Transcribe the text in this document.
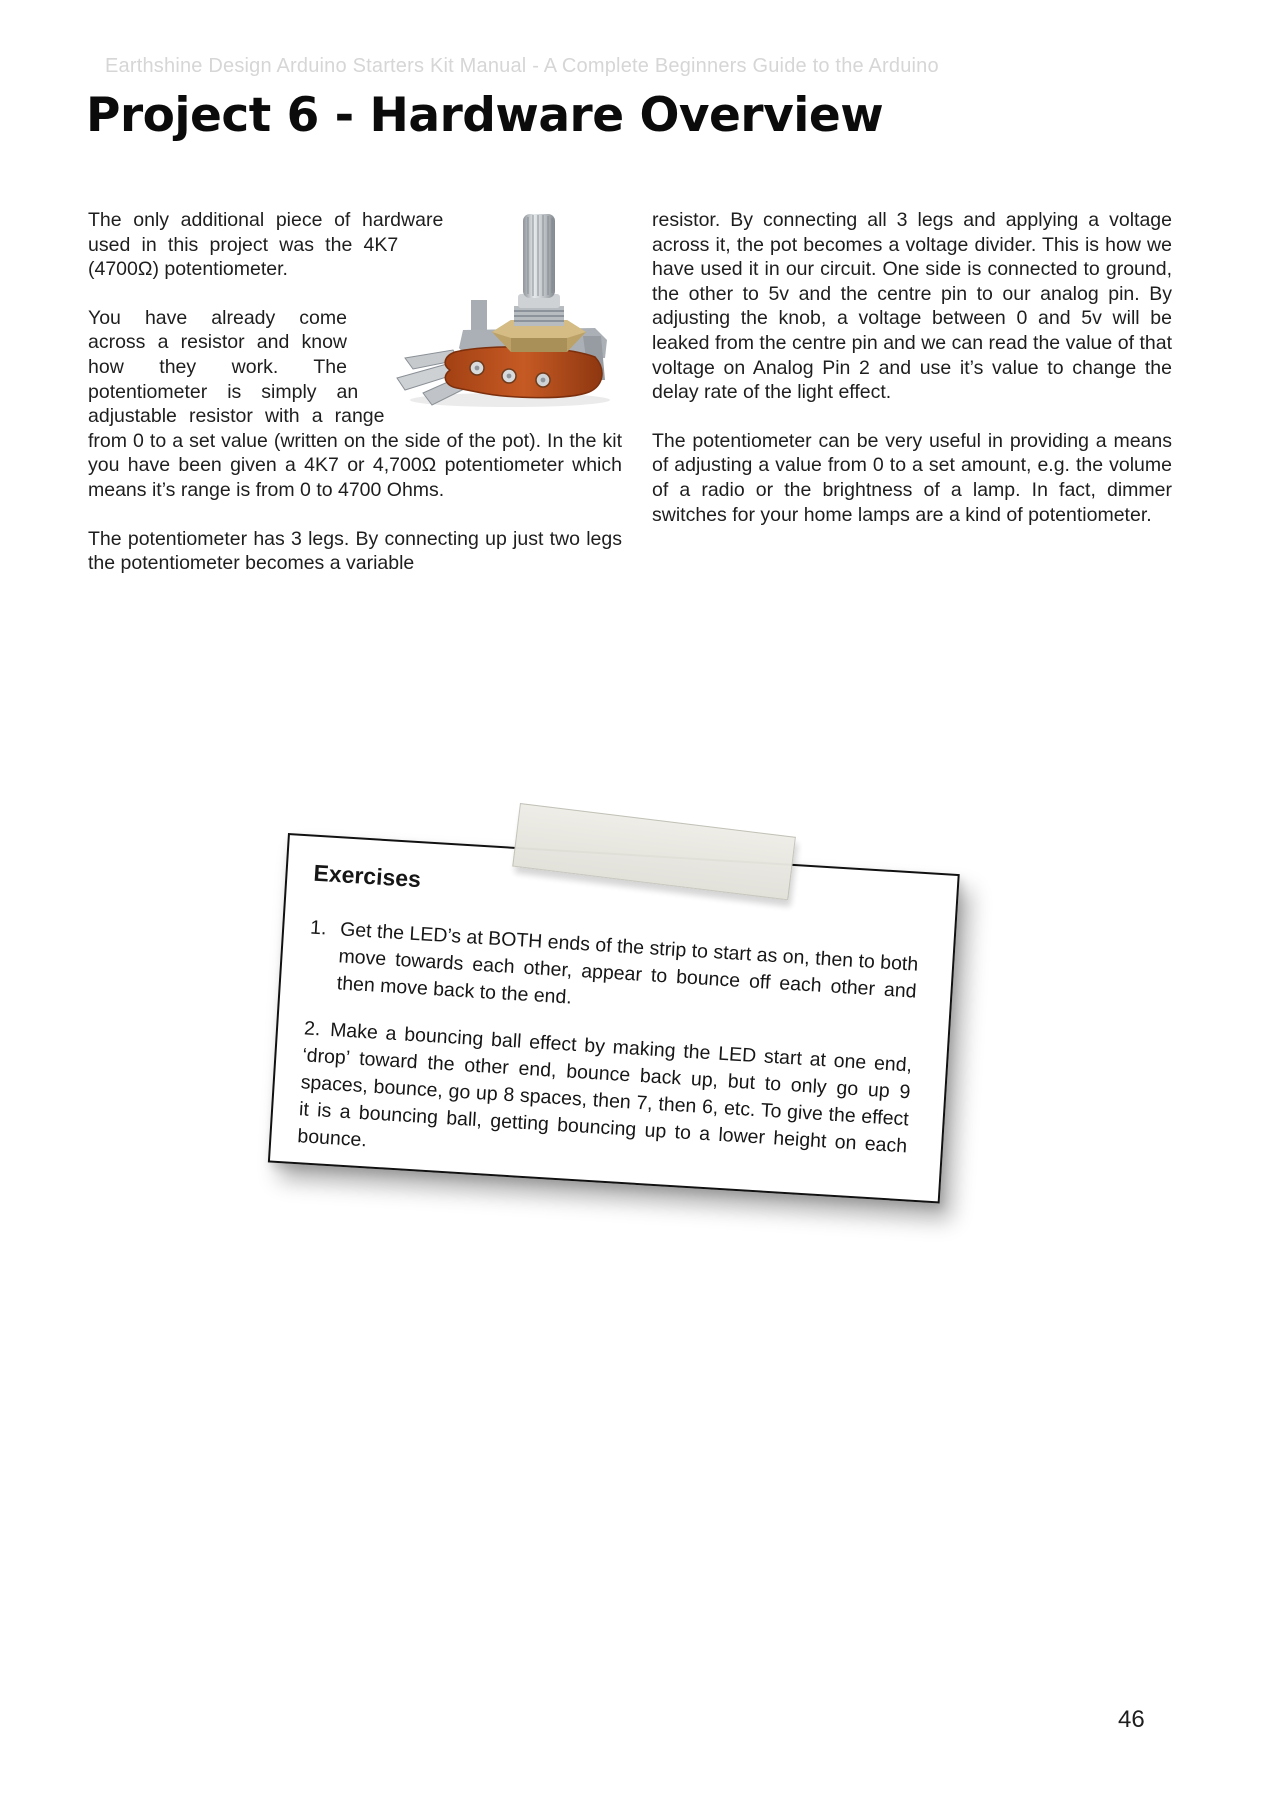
Earthshine Design Arduino Starters Kit Manual - A Complete Beginners Guide to the Arduino
Project 6 - Hardware Overview

The only additional piece of hardware used in this project was the 4K7 (4700Ω) potentiometer.

You have already come across a resistor and know how they work. The potentiometer is simply an adjustable resistor with a range from 0 to a set value (written on the side of the pot). In the kit you have been given a 4K7 or 4,700Ω potentiometer which means it’s range is from 0 to 4700 Ohms.

The potentiometer has 3 legs. By connecting up just two legs the potentiometer becomes a variable

resistor. By connecting all 3 legs and applying a voltage across it, the pot becomes a voltage divider. This is how we have used it in our circuit. One side is connected to ground, the other to 5v and the centre pin to our analog pin. By adjusting the knob, a voltage between 0 and 5v will be leaked from the centre pin and we can read the value of that voltage on Analog Pin 2 and use it’s value to change the delay rate of the light effect.

The potentiometer can be very useful in providing a means of adjusting a value from 0 to a set amount, e.g. the volume of a radio or the brightness of a lamp. In fact, dimmer switches for your home lamps are a kind of potentiometer.

Exercises
1. Get the LED’s at BOTH ends of the strip to start as on, then to both move towards each other, appear to bounce off each other and then move back to the end.
2. Make a bouncing ball effect by making the LED start at one end, ‘drop’ toward the other end, bounce back up, but to only go up 9 spaces, bounce, go up 8 spaces, then 7, then 6, etc. To give the effect it is a bouncing ball, getting bouncing up to a lower height on each bounce.
46
